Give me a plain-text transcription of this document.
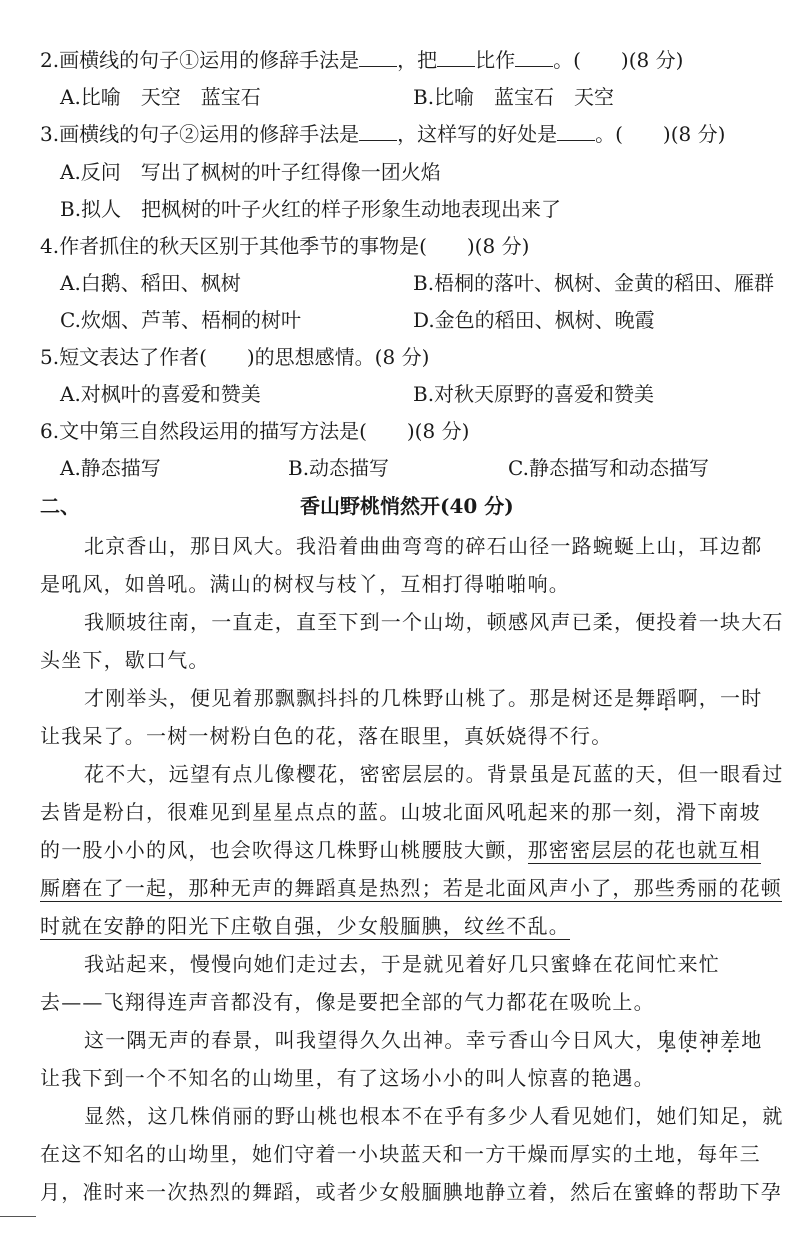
2.画横线的句子①运用的修辞手法是 ，把 比作 。(　　)(8 分)
A.比喻　天空　蓝宝石	B.比喻　蓝宝石　天空
3.画横线的句子②运用的修辞手法是 ，这样写的好处是 。(　　)(8 分)
A.反问　写出了枫树的叶子红得像一团火焰
B.拟人　把枫树的叶子火红的样子形象生动地表现出来了
4.作者抓住的秋天区别于其他季节的事物是(　　)(8 分)
A.白鹅、稻田、枫树	B.梧桐的落叶、枫树、金黄的稻田、雁群
C.炊烟、芦苇、梧桐的树叶	D.金色的稻田、枫树、晚霞
5.短文表达了作者(　　)的思想感情。(8 分)
A.对枫叶的喜爱和赞美	B.对秋天原野的喜爱和赞美
6.文中第三自然段运用的描写方法是(　　)(8 分)
A.静态描写	B.动态描写	C.静态描写和动态描写
二、	香山野桃悄然开(40 分)
北京香山，那日风大。我沿着曲曲弯弯的碎石山径一路蜿蜒上山，耳边都
是吼风，如兽吼。满山的树杈与枝丫，互相打得啪啪响。
我顺坡往南，一直走，直至下到一个山坳，顿感风声已柔，便投着一块大石
头坐下，歇口气。
才刚举头，便见着那飘飘抖抖的几株野山桃了。那是树还是舞蹈啊，一时
让我呆了。一树一树粉白色的花，落在眼里，真妖娆得不行。
花不大，远望有点儿像樱花，密密层层的。背景虽是瓦蓝的天，但一眼看过
去皆是粉白，很难见到星星点点的蓝。山坡北面风吼起来的那一刻，滑下南坡
的一股小小的风，也会吹得这几株野山桃腰肢大颤，那密密层层的花也就互相
厮磨在了一起，那种无声的舞蹈真是热烈；若是北面风声小了，那些秀丽的花顿
时就在安静的阳光下庄敬自强，少女般腼腆，纹丝不乱。
我站起来，慢慢向她们走过去，于是就见着好几只蜜蜂在花间忙来忙
去——飞翔得连声音都没有，像是要把全部的气力都花在吸吮上。
这一隅无声的春景，叫我望得久久出神。幸亏香山今日风大，鬼使神差地
让我下到一个不知名的山坳里，有了这场小小的叫人惊喜的艳遇。
显然，这几株俏丽的野山桃也根本不在乎有多少人看见她们，她们知足，就
在这不知名的山坳里，她们守着一小块蓝天和一方干燥而厚实的土地，每年三
月，准时来一次热烈的舞蹈，或者少女般腼腆地静立着，然后在蜜蜂的帮助下孕
